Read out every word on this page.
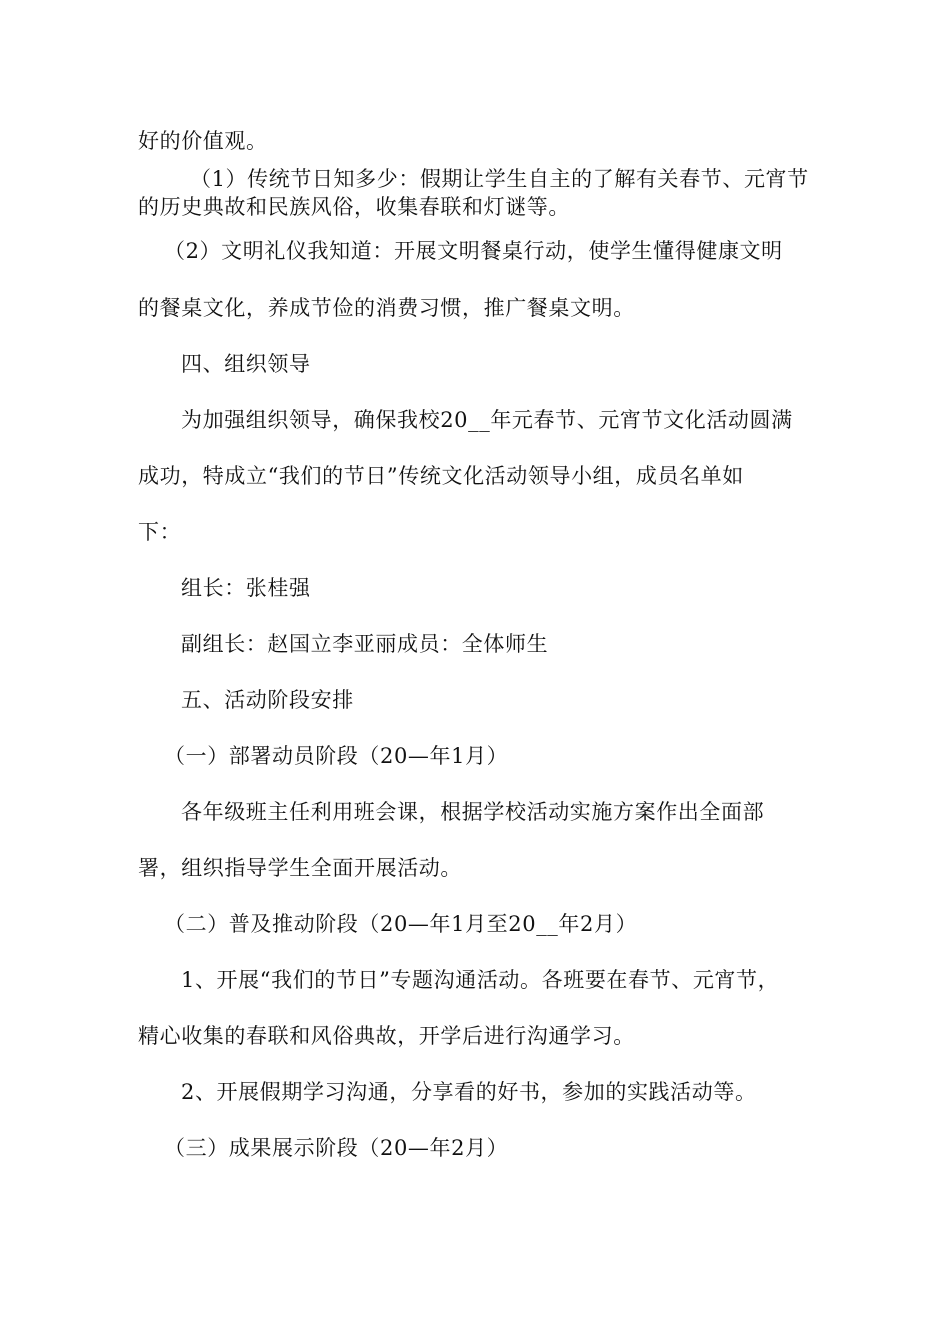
好的价值观。
（1）传统节日知多少：假期让学生自主的了解有关春节、元宵节
的历史典故和民族风俗，收集春联和灯谜等。
（2）文明礼仪我知道：开展文明餐桌行动，使学生懂得健康文明
的餐桌文化，养成节俭的消费习惯，推广餐桌文明。
四、组织领导
为加强组织领导，确保我校20__年元春节、元宵节文化活动圆满
成功，特成立“我们的节日”传统文化活动领导小组，成员名单如
下：
组长：张桂强
副组长：赵国立李亚丽成员：全体师生
五、活动阶段安排
（一）部署动员阶段（20—年1月）
各年级班主任利用班会课，根据学校活动实施方案作出全面部
署，组织指导学生全面开展活动。
（二）普及推动阶段（20—年1月至20__年2月）
1、开展“我们的节日”专题沟通活动。各班要在春节、元宵节，
精心收集的春联和风俗典故，开学后进行沟通学习。
2、开展假期学习沟通，分享看的好书，参加的实践活动等。
（三）成果展示阶段（20—年2月）
